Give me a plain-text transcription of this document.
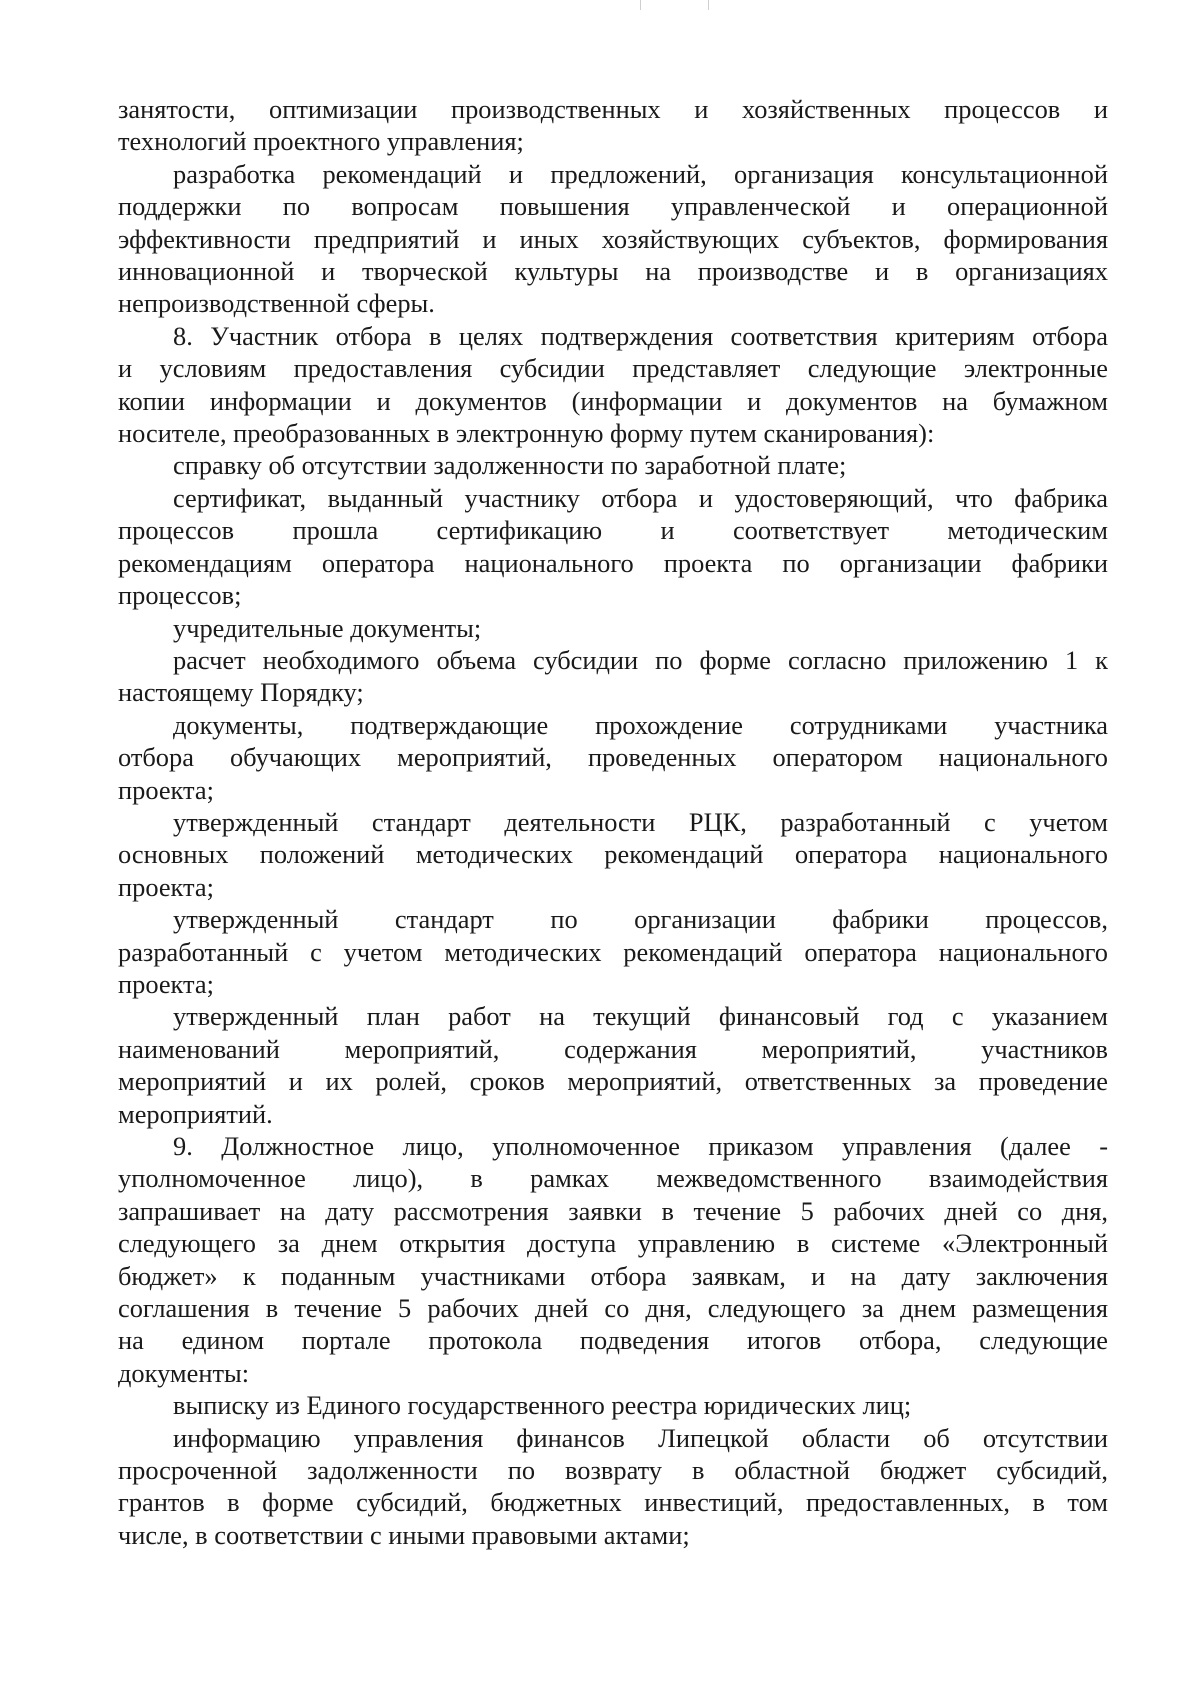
занятости, оптимизации производственных и хозяйственных процессов и

технологий проектного управления;

разработка рекомендаций и предложений, организация консультационной

поддержки по вопросам повышения управленческой и операционной

эффективности предприятий и иных хозяйствующих субъектов, формирования

инновационной и творческой культуры на производстве и в организациях

непроизводственной сферы.

8. Участник отбора в целях подтверждения соответствия критериям отбора

и условиям предоставления субсидии представляет следующие электронные

копии информации и документов (информации и документов на бумажном

носителе, преобразованных в электронную форму путем сканирования):

справку об отсутствии задолженности по заработной плате;

сертификат, выданный участнику отбора и удостоверяющий, что фабрика

процессов прошла сертификацию и соответствует методическим

рекомендациям оператора национального проекта по организации фабрики

процессов;

учредительные документы;

расчет необходимого объема субсидии по форме согласно приложению 1 к

настоящему Порядку;

документы, подтверждающие прохождение сотрудниками участника

отбора обучающих мероприятий, проведенных оператором национального

проекта;

утвержденный стандарт деятельности РЦК, разработанный с учетом

основных положений методических рекомендаций оператора национального

проекта;

утвержденный стандарт по организации фабрики процессов,

разработанный с учетом методических рекомендаций оператора национального

проекта;

утвержденный план работ на текущий финансовый год с указанием

наименований мероприятий, содержания мероприятий, участников

мероприятий и их ролей, сроков мероприятий, ответственных за проведение

мероприятий.

9. Должностное лицо, уполномоченное приказом управления (далее -

уполномоченное лицо), в рамках межведомственного взаимодействия

запрашивает на дату рассмотрения заявки в течение 5 рабочих дней со дня,

следующего за днем открытия доступа управлению в системе «Электронный

бюджет» к поданным участниками отбора заявкам, и на дату заключения

соглашения в течение 5 рабочих дней со дня, следующего за днем размещения

на едином портале протокола подведения итогов отбора, следующие

документы:

выписку из Единого государственного реестра юридических лиц;

информацию управления финансов Липецкой области об отсутствии

просроченной задолженности по возврату в областной бюджет субсидий,

грантов в форме субсидий, бюджетных инвестиций, предоставленных, в том

числе, в соответствии с иными правовыми актами;
